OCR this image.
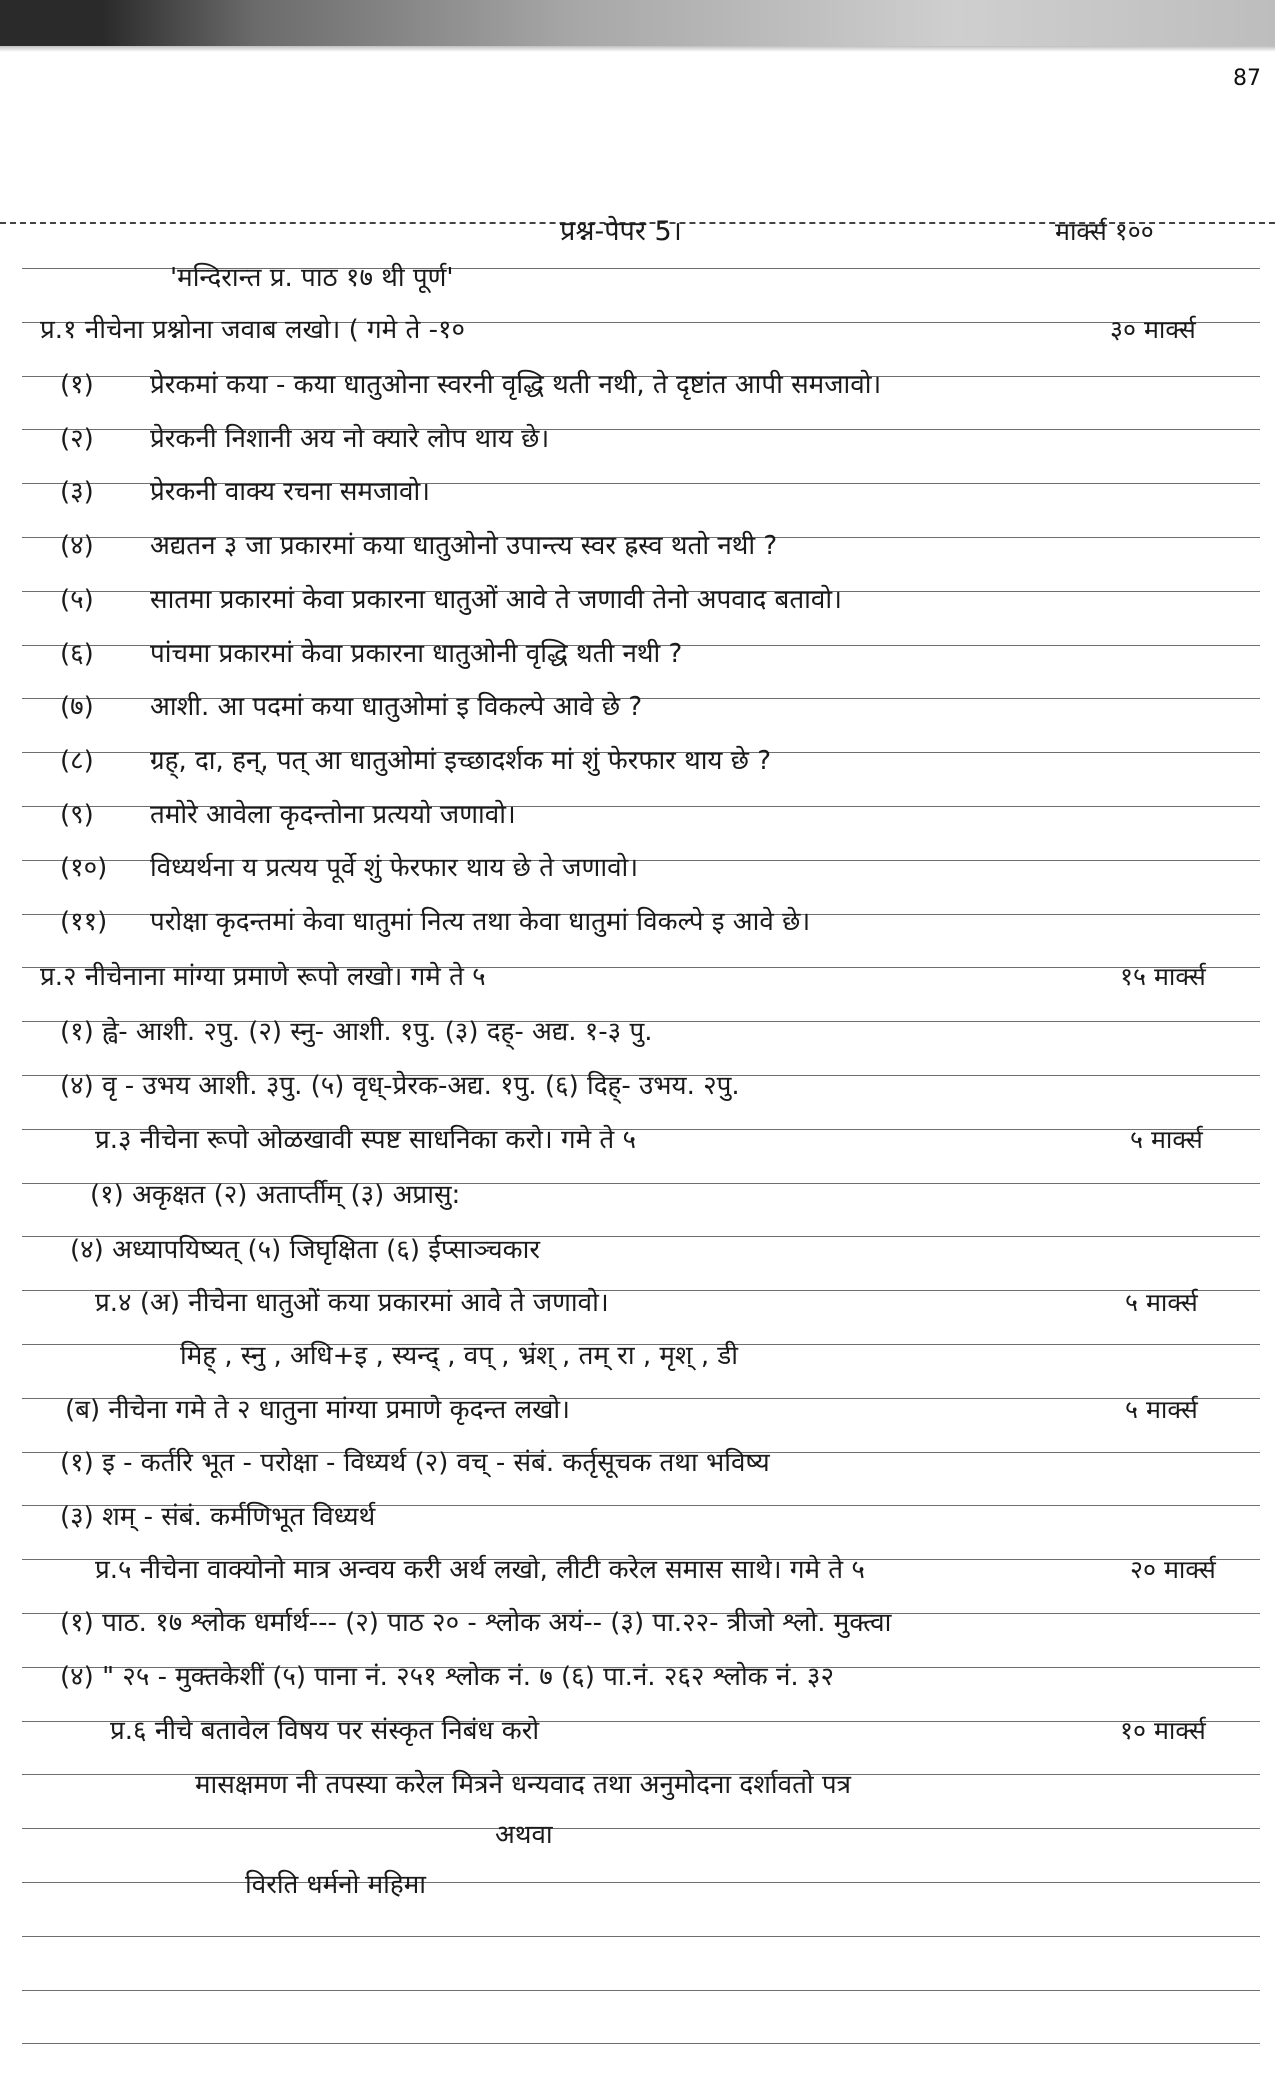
87
प्रश्न-पेपर 5।	मार्क्स १००
'मन्दिरान्त प्र. पाठ १७ थी पूर्ण'
प्र.१ नीचेना प्रश्नोना जवाब लखो। ( गमे ते -१०	३० मार्क्स
(१) प्रेरकमां कया - कया धातुओना स्वरनी वृद्धि थती नथी, ते दृष्टांत आपी समजावो।
(२) प्रेरकनी निशानी अय नो क्यारे लोप थाय छे।
(३) प्रेरकनी वाक्य रचना समजावो।
(४) अद्यतन ३ जा प्रकारमां कया धातुओनो उपान्त्य स्वर ह्रस्व थतो नथी ?
(५) सातमा प्रकारमां केवा प्रकारना धातुओं आवे ते जणावी तेनो अपवाद बतावो।
(६) पांचमा प्रकारमां केवा प्रकारना धातुओनी वृद्धि थती नथी ?
(७) आशी. आ पदमां कया धातुओमां इ विकल्पे आवे छे ?
(८) ग्रह्, दा, हन्, पत् आ धातुओमां इच्छादर्शक मां शुं फेरफार थाय छे ?
(९) तमोरे आवेला कृदन्तोना प्रत्ययो जणावो।
(१०) विध्यर्थना य प्रत्यय पूर्वे शुं फेरफार थाय छे ते जणावो।
(११) परोक्षा कृदन्तमां केवा धातुमां नित्य तथा केवा धातुमां विकल्पे इ आवे छे।
प्र.२ नीचेनाना मांग्या प्रमाणे रूपो लखो। गमे ते ५	१५ मार्क्स
(१) ह्वे- आशी. २पु. (२) स्नु- आशी. १पु. (३) दह्- अद्य. १-३ पु.
(४) वृ - उभय आशी. ३पु. (५) वृध्-प्रेरक-अद्य. १पु. (६) दिह्- उभय. २पु.
प्र.३ नीचेना रूपो ओळखावी स्पष्ट साधनिका करो। गमे ते ५	५ मार्क्स
(१) अकृक्षत (२) अतार्प्तीम् (३) अप्रासु:
(४) अध्यापयिष्यत् (५) जिघृक्षिता (६) ईप्साञ्चकार
प्र.४ (अ) नीचेना धातुओं कया प्रकारमां आवे ते जणावो।	५ मार्क्स
मिह् , स्नु , अधि+इ , स्यन्द् , वप् , भ्रंश् , तम् रा , मृश् , डी
(ब) नीचेना गमे ते २ धातुना मांग्या प्रमाणे कृदन्त लखो।	५ मार्क्स
(१) इ - कर्तरि भूत - परोक्षा - विध्यर्थ (२) वच् - संबं. कर्तृसूचक तथा भविष्य
(३) शम् - संबं. कर्मणिभूत विध्यर्थ
प्र.५ नीचेना वाक्योनो मात्र अन्वय करी अर्थ लखो, लीटी करेल समास साथे। गमे ते ५	२० मार्क्स
(१) पाठ. १७ श्लोक धर्मार्थ--- (२) पाठ २० - श्लोक अयं-- (३) पा.२२- त्रीजो श्लो. मुक्त्वा
(४) " २५ - मुक्तकेशीं (५) पाना नं. २५१ श्लोक नं. ७ (६) पा.नं. २६२ श्लोक नं. ३२
प्र.६ नीचे बतावेल विषय पर संस्कृत निबंध करो	१० मार्क्स
मासक्षमण नी तपस्या करेल मित्रने धन्यवाद तथा अनुमोदना दर्शावतो पत्र
अथवा
विरति धर्मनो महिमा
